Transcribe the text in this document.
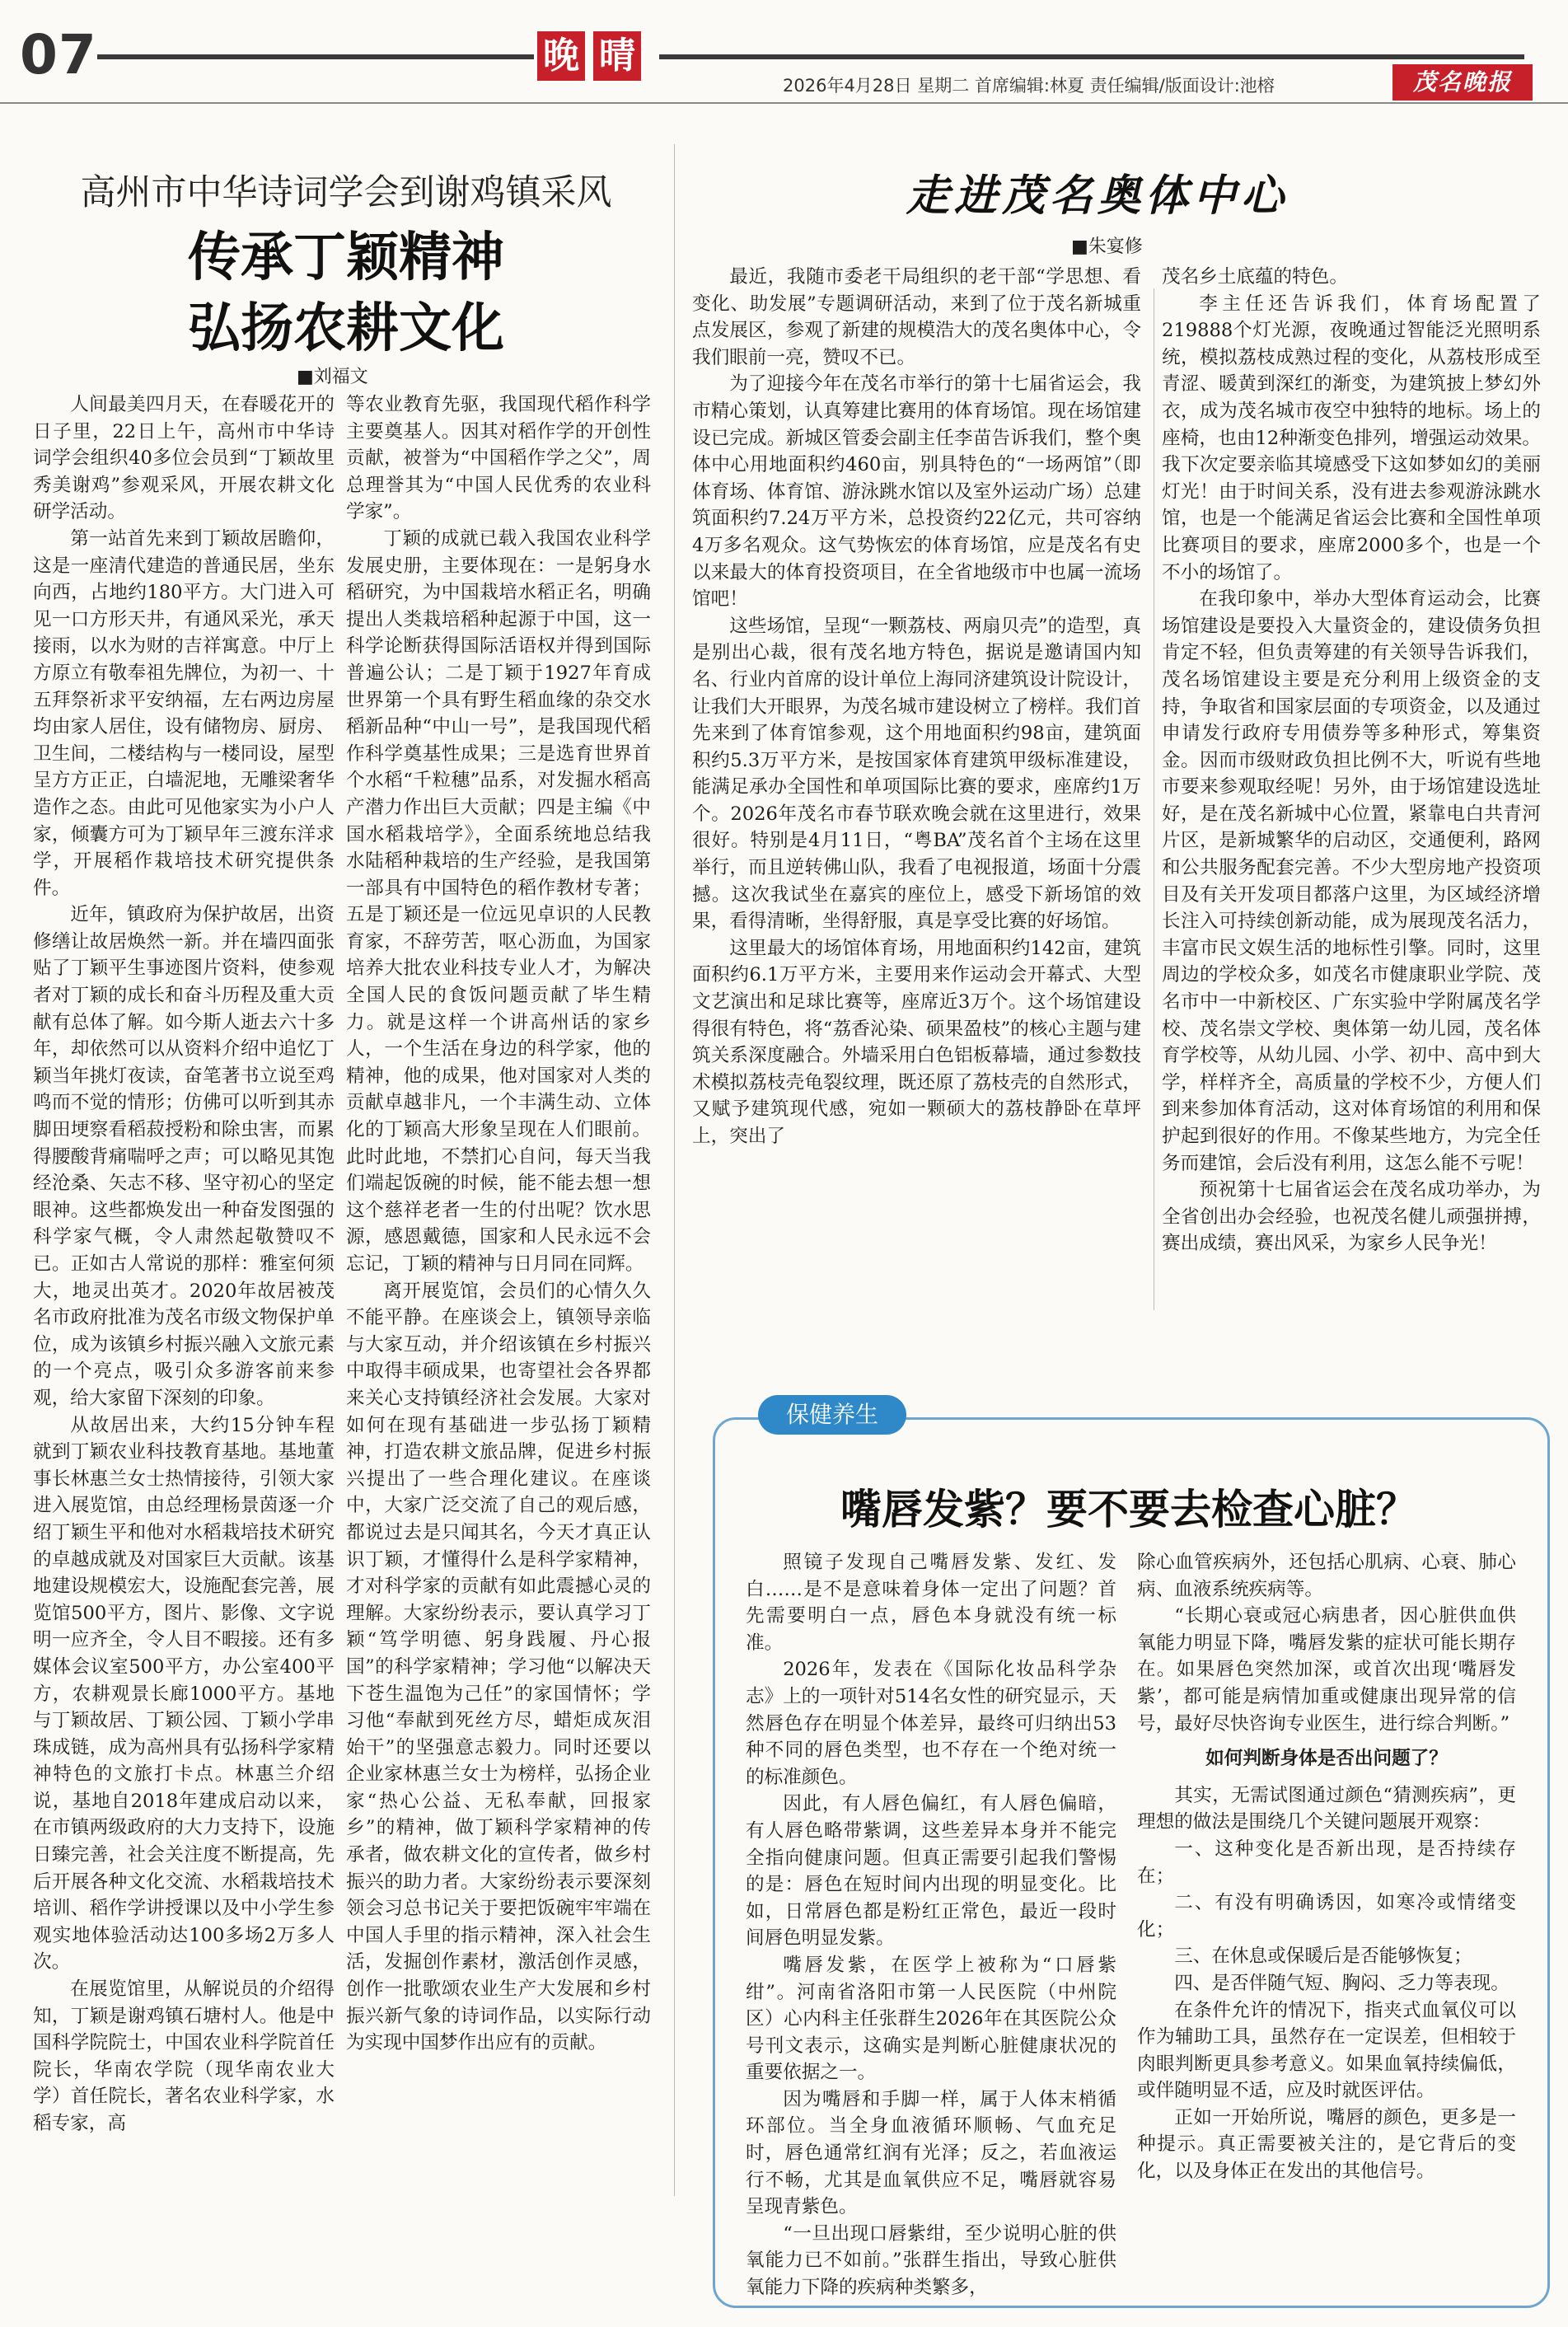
07	晚 晴
2026年4月28日 星期二 首席编辑:林夏 责任编辑/版面设计:池榕	茂名晚报
高州市中华诗词学会到谢鸡镇采风
传承丁颖精神
弘扬农耕文化
■刘福文

人间最美四月天，在春暖花开的日子里，22日上午，高州市中华诗词学会组织40多位会员到“丁颖故里 秀美谢鸡”参观采风，开展农耕文化研学活动。

第一站首先来到丁颖故居瞻仰，这是一座清代建造的普通民居，坐东向西，占地约180平方。大门进入可见一口方形天井，有通风采光，承天接雨，以水为财的吉祥寓意。中厅上方原立有敬奉祖先牌位，为初一、十五拜祭祈求平安纳福，左右两边房屋均由家人居住，设有储物房、厨房、卫生间，二楼结构与一楼同设，屋型呈方方正正，白墙泥地，无雕梁奢华造作之态。由此可见他家实为小户人家，倾囊方可为丁颖早年三渡东洋求学，开展稻作栽培技术研究提供条件。

近年，镇政府为保护故居，出资修缮让故居焕然一新。并在墙四面张贴了丁颖平生事迹图片资料，使参观者对丁颖的成长和奋斗历程及重大贡献有总体了解。如今斯人逝去六十多年，却依然可以从资料介绍中追忆丁颖当年挑灯夜读，奋笔著书立说至鸡鸣而不觉的情形；仿佛可以听到其赤脚田埂察看稻菽授粉和除虫害，而累得腰酸背痛喘呼之声；可以略见其饱经沧桑、矢志不移、坚守初心的坚定眼神。这些都焕发出一种奋发图强的科学家气概，令人肃然起敬赞叹不已。正如古人常说的那样：雅室何须大，地灵出英才。2020年故居被茂名市政府批准为茂名市级文物保护单位，成为该镇乡村振兴融入文旅元素的一个亮点，吸引众多游客前来参观，给大家留下深刻的印象。

从故居出来，大约15分钟车程就到丁颖农业科技教育基地。基地董事长林惠兰女士热情接待，引领大家进入展览馆，由总经理杨景茵逐一介绍丁颖生平和他对水稻栽培技术研究的卓越成就及对国家巨大贡献。该基地建设规模宏大，设施配套完善，展览馆500平方，图片、影像、文字说明一应齐全，令人目不暇接。还有多媒体会议室500平方，办公室400平方，农耕观景长廊1000平方。基地与丁颖故居、丁颖公园、丁颖小学串珠成链，成为高州具有弘扬科学家精神特色的文旅打卡点。林惠兰介绍说，基地自2018年建成启动以来，在市镇两级政府的大力支持下，设施日臻完善，社会关注度不断提高，先后开展各种文化交流、水稻栽培技术培训、稻作学讲授课以及中小学生参观实地体验活动达100多场2万多人次。

在展览馆里，从解说员的介绍得知，丁颖是谢鸡镇石塘村人。他是中国科学院院士，中国农业科学院首任院长，华南农学院（现华南农业大学）首任院长，著名农业科学家，水稻专家，高

等农业教育先驱，我国现代稻作科学主要奠基人。因其对稻作学的开创性贡献，被誉为“中国稻作学之父”，周总理誉其为“中国人民优秀的农业科学家”。

丁颖的成就已载入我国农业科学发展史册，主要体现在：一是躬身水稻研究，为中国栽培水稻正名，明确提出人类栽培稻种起源于中国，这一科学论断获得国际活语权并得到国际普遍公认；二是丁颖于1927年育成世界第一个具有野生稻血缘的杂交水稻新品种“中山一号”，是我国现代稻作科学奠基性成果；三是选育世界首个水稻“千粒穗”品系，对发掘水稻高产潜力作出巨大贡献；四是主编《中国水稻栽培学》，全面系统地总结我水陆稻种栽培的生产经验，是我国第一部具有中国特色的稻作教材专著；五是丁颖还是一位远见卓识的人民教育家，不辞劳苦，呕心沥血，为国家培养大批农业科技专业人才，为解决全国人民的食饭问题贡献了毕生精力。就是这样一个讲高州话的家乡人，一个生活在身边的科学家，他的精神，他的成果，他对国家对人类的贡献卓越非凡，一个丰满生动、立体化的丁颖高大形象呈现在人们眼前。此时此地，不禁扪心自问，每天当我们端起饭碗的时候，能不能去想一想这个慈祥老者一生的付出呢？饮水思源，感恩戴德，国家和人民永远不会忘记，丁颖的精神与日月同在同辉。

离开展览馆，会员们的心情久久不能平静。在座谈会上，镇领导亲临与大家互动，并介绍该镇在乡村振兴中取得丰硕成果，也寄望社会各界都来关心支持镇经济社会发展。大家对如何在现有基础进一步弘扬丁颖精神，打造农耕文旅品牌，促进乡村振兴提出了一些合理化建议。在座谈中，大家广泛交流了自己的观后感，都说过去是只闻其名，今天才真正认识丁颖，才懂得什么是科学家精神，才对科学家的贡献有如此震撼心灵的理解。大家纷纷表示，要认真学习丁颖“笃学明德、躬身践履、丹心报国”的科学家精神；学习他“以解决天下苍生温饱为己任”的家国情怀；学习他“奉献到死丝方尽，蜡炬成灰泪始干”的坚强意志毅力。同时还要以企业家林惠兰女士为榜样，弘扬企业家“热心公益、无私奉献，回报家乡”的精神，做丁颖科学家精神的传承者，做农耕文化的宣传者，做乡村振兴的助力者。大家纷纷表示要深刻领会习总书记关于要把饭碗牢牢端在中国人手里的指示精神，深入社会生活，发掘创作素材，激活创作灵感，创作一批歌颂农业生产大发展和乡村振兴新气象的诗词作品，以实际行动为实现中国梦作出应有的贡献。

走进茂名奥体中心
■朱宴修

最近，我随市委老干局组织的老干部“学思想、看变化、助发展”专题调研活动，来到了位于茂名新城重点发展区，参观了新建的规模浩大的茂名奥体中心，令我们眼前一亮，赞叹不已。

为了迎接今年在茂名市举行的第十七届省运会，我市精心策划，认真筹建比赛用的体育场馆。现在场馆建设已完成。新城区管委会副主任李苗告诉我们，整个奥体中心用地面积约460亩，别具特色的“一场两馆”（即体育场、体育馆、游泳跳水馆以及室外运动广场）总建筑面积约7.24万平方米，总投资约22亿元，共可容纳4万多名观众。这气势恢宏的体育场馆，应是茂名有史以来最大的体育投资项目，在全省地级市中也属一流场馆吧！

这些场馆，呈现“一颗荔枝、两扇贝壳”的造型，真是别出心裁，很有茂名地方特色，据说是邀请国内知名、行业内首席的设计单位上海同济建筑设计院设计，让我们大开眼界，为茂名城市建设树立了榜样。我们首先来到了体育馆参观，这个用地面积约98亩，建筑面积约5.3万平方米，是按国家体育建筑甲级标准建设，能满足承办全国性和单项国际比赛的要求，座席约1万个。2026年茂名市春节联欢晚会就在这里进行，效果很好。特别是4月11日，“粤BA”茂名首个主场在这里举行，而且逆转佛山队，我看了电视报道，场面十分震撼。这次我试坐在嘉宾的座位上，感受下新场馆的效果，看得清晰，坐得舒服，真是享受比赛的好场馆。

这里最大的场馆体育场，用地面积约142亩，建筑面积约6.1万平方米，主要用来作运动会开幕式、大型文艺演出和足球比赛等，座席近3万个。这个场馆建设得很有特色，将“荔香沁染、硕果盈枝”的核心主题与建筑关系深度融合。外墙采用白色铝板幕墙，通过参数技术模拟荔枝壳龟裂纹理，既还原了荔枝壳的自然形式，又赋予建筑现代感，宛如一颗硕大的荔枝静卧在草坪上，突出了

茂名乡土底蕴的特色。

李主任还告诉我们，体育场配置了219888个灯光源，夜晚通过智能泛光照明系统，模拟荔枝成熟过程的变化，从荔枝形成至青涩、暖黄到深红的渐变，为建筑披上梦幻外衣，成为茂名城市夜空中独特的地标。场上的座椅，也由12种渐变色排列，增强运动效果。我下次定要亲临其境感受下这如梦如幻的美丽灯光！由于时间关系，没有进去参观游泳跳水馆，也是一个能满足省运会比赛和全国性单项比赛项目的要求，座席2000多个，也是一个不小的场馆了。

在我印象中，举办大型体育运动会，比赛场馆建设是要投入大量资金的，建设债务负担肯定不轻，但负责筹建的有关领导告诉我们，茂名场馆建设主要是充分利用上级资金的支持，争取省和国家层面的专项资金，以及通过申请发行政府专用债券等多种形式，筹集资金。因而市级财政负担比例不大，听说有些地市要来参观取经呢！另外，由于场馆建设选址好，是在茂名新城中心位置，紧靠电白共青河片区，是新城繁华的启动区，交通便利，路网和公共服务配套完善。不少大型房地产投资项目及有关开发项目都落户这里，为区域经济增长注入可持续创新动能，成为展现茂名活力，丰富市民文娱生活的地标性引擎。同时，这里周边的学校众多，如茂名市健康职业学院、茂名市中一中新校区、广东实验中学附属茂名学校、茂名崇文学校、奥体第一幼儿园，茂名体育学校等，从幼儿园、小学、初中、高中到大学，样样齐全，高质量的学校不少，方便人们到来参加体育活动，这对体育场馆的利用和保护起到很好的作用。不像某些地方，为完全任务而建馆，会后没有利用，这怎么能不亏呢！

预祝第十七届省运会在茂名成功举办，为全省创出办会经验，也祝茂名健儿顽强拼搏，赛出成绩，赛出风采，为家乡人民争光！

保健养生
嘴唇发紫？要不要去检查心脏？

照镜子发现自己嘴唇发紫、发红、发白……是不是意味着身体一定出了问题？首先需要明白一点，唇色本身就没有统一标准。

2026年，发表在《国际化妆品科学杂志》上的一项针对514名女性的研究显示，天然唇色存在明显个体差异，最终可归纳出53种不同的唇色类型，也不存在一个绝对统一的标准颜色。

因此，有人唇色偏红，有人唇色偏暗，有人唇色略带紫调，这些差异本身并不能完全指向健康问题。但真正需要引起我们警惕的是：唇色在短时间内出现的明显变化。比如，日常唇色都是粉红正常色，最近一段时间唇色明显发紫。

嘴唇发紫，在医学上被称为“口唇紫绀”。河南省洛阳市第一人民医院（中州院区）心内科主任张群生2026年在其医院公众号刊文表示，这确实是判断心脏健康状况的重要依据之一。

因为嘴唇和手脚一样，属于人体末梢循环部位。当全身血液循环顺畅、气血充足时，唇色通常红润有光泽；反之，若血液运行不畅，尤其是血氧供应不足，嘴唇就容易呈现青紫色。

“一旦出现口唇紫绀，至少说明心脏的供氧能力已不如前。”张群生指出，导致心脏供氧能力下降的疾病种类繁多，

除心血管疾病外，还包括心肌病、心衰、肺心病、血液系统疾病等。

“长期心衰或冠心病患者，因心脏供血供氧能力明显下降，嘴唇发紫的症状可能长期存在。如果唇色突然加深，或首次出现‘嘴唇发紫’，都可能是病情加重或健康出现异常的信号，最好尽快咨询专业医生，进行综合判断。”

如何判断身体是否出问题了？

其实，无需试图通过颜色“猜测疾病”，更理想的做法是围绕几个关键问题展开观察：

一、这种变化是否新出现，是否持续存在；

二、有没有明确诱因，如寒冷或情绪变化；

三、在休息或保暖后是否能够恢复；

四、是否伴随气短、胸闷、乏力等表现。

在条件允许的情况下，指夹式血氧仪可以作为辅助工具，虽然存在一定误差，但相较于肉眼判断更具参考意义。如果血氧持续偏低，或伴随明显不适，应及时就医评估。

正如一开始所说，嘴唇的颜色，更多是一种提示。真正需要被关注的，是它背后的变化，以及身体正在发出的其他信号。
